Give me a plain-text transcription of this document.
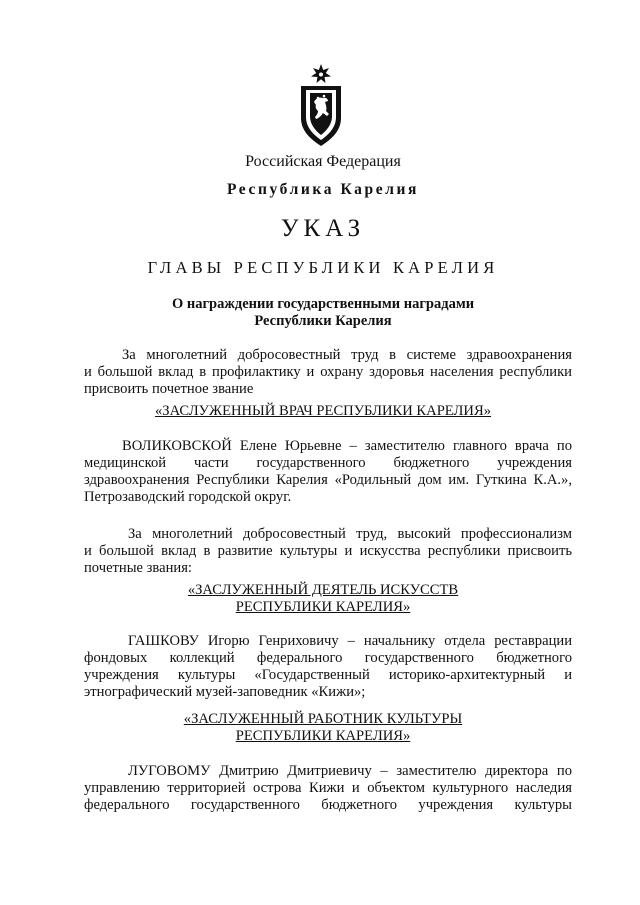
Российская Федерация

Республика Карелия

УКАЗ

ГЛАВЫ РЕСПУБЛИКИ КАРЕЛИЯ

О награждении государственными наградами
Республики Карелия
За многолетний добросовестный труд в системе здравоохранения
и большой вклад в профилактику и охрану здоровья населения республики
присвоить почетное звание
«ЗАСЛУЖЕННЫЙ ВРАЧ РЕСПУБЛИКИ КАРЕЛИЯ»
ВОЛИКОВСКОЙ Елене Юрьевне – заместителю главного врача по
медицинской части государственного бюджетного учреждения
здравоохранения Республики Карелия «Родильный дом им. Гуткина К.А.»,
Петрозаводский городской округ.
За многолетний добросовестный труд, высокий профессионализм
и большой вклад в развитие культуры и искусства республики присвоить
почетные звания:
«ЗАСЛУЖЕННЫЙ ДЕЯТЕЛЬ ИСКУССТВ
РЕСПУБЛИКИ КАРЕЛИЯ»
ГАШКОВУ Игорю Генриховичу – начальнику отдела реставрации
фондовых коллекций федерального государственного бюджетного
учреждения культуры «Государственный историко-архитектурный и
этнографический музей-заповедник «Кижи»;
«ЗАСЛУЖЕННЫЙ РАБОТНИК КУЛЬТУРЫ
РЕСПУБЛИКИ КАРЕЛИЯ»
ЛУГОВОМУ Дмитрию Дмитриевичу – заместителю директора по
управлению территорией острова Кижи и объектом культурного наследия
федерального государственного бюджетного учреждения культуры
